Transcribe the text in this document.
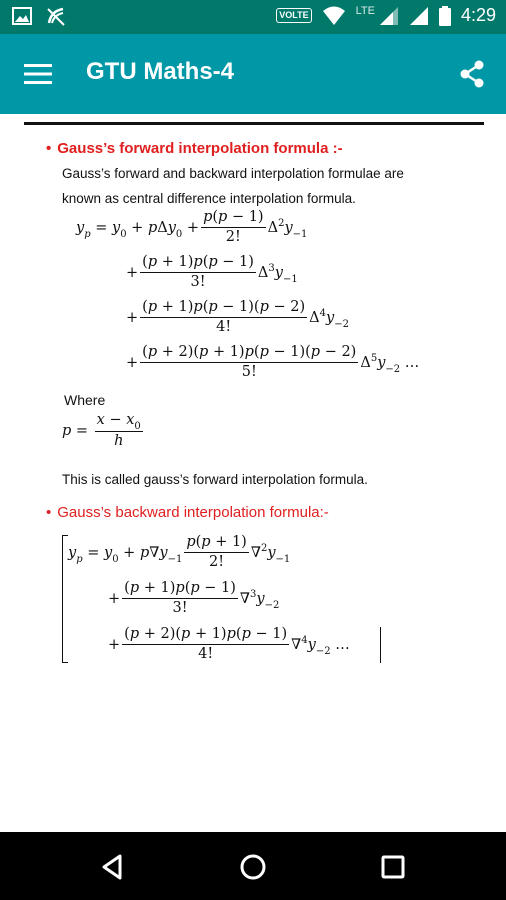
VOLTE	LTE	4:29
GTU Maths-4
• Gauss’s forward interpolation formula :-
Gauss’s forward and backward interpolation formulae are
known as central difference interpolation formula.
$y_p = y_0 + p$ Δ $y_0 + \frac{p(p - 1)}{2!} \Delta^2$ $y_{-1}$
+ $\frac{(p + 1)p(p - 1)}{3!} \Delta^3$ $y_{-1}$
+ $\frac{(p + 1)p(p - 1)(p - 2)}{4!} \Delta^4$ $y_{-2}$
+ $\frac{(p + 2)(p + 1)p(p - 1)(p - 2)}{5!} \Delta^5$ $y_{-2}$ …
Where
$p = \frac{x - x_0}{h}$
This is called gauss’s forward interpolation formula.
• Gauss’s backward interpolation formula:-
$y_p = y_0 + p$ ∇ $y_{-1} \frac{p(p + 1)}{2!} \nabla^2$ $y_{-1}$
+ $\frac{(p + 1)p(p - 1)}{3!} \nabla^3$ $y_{-2}$
+ $\frac{(p + 2)(p + 1)p(p - 1)}{4!} \nabla^4$ $y_{-2}$ …
